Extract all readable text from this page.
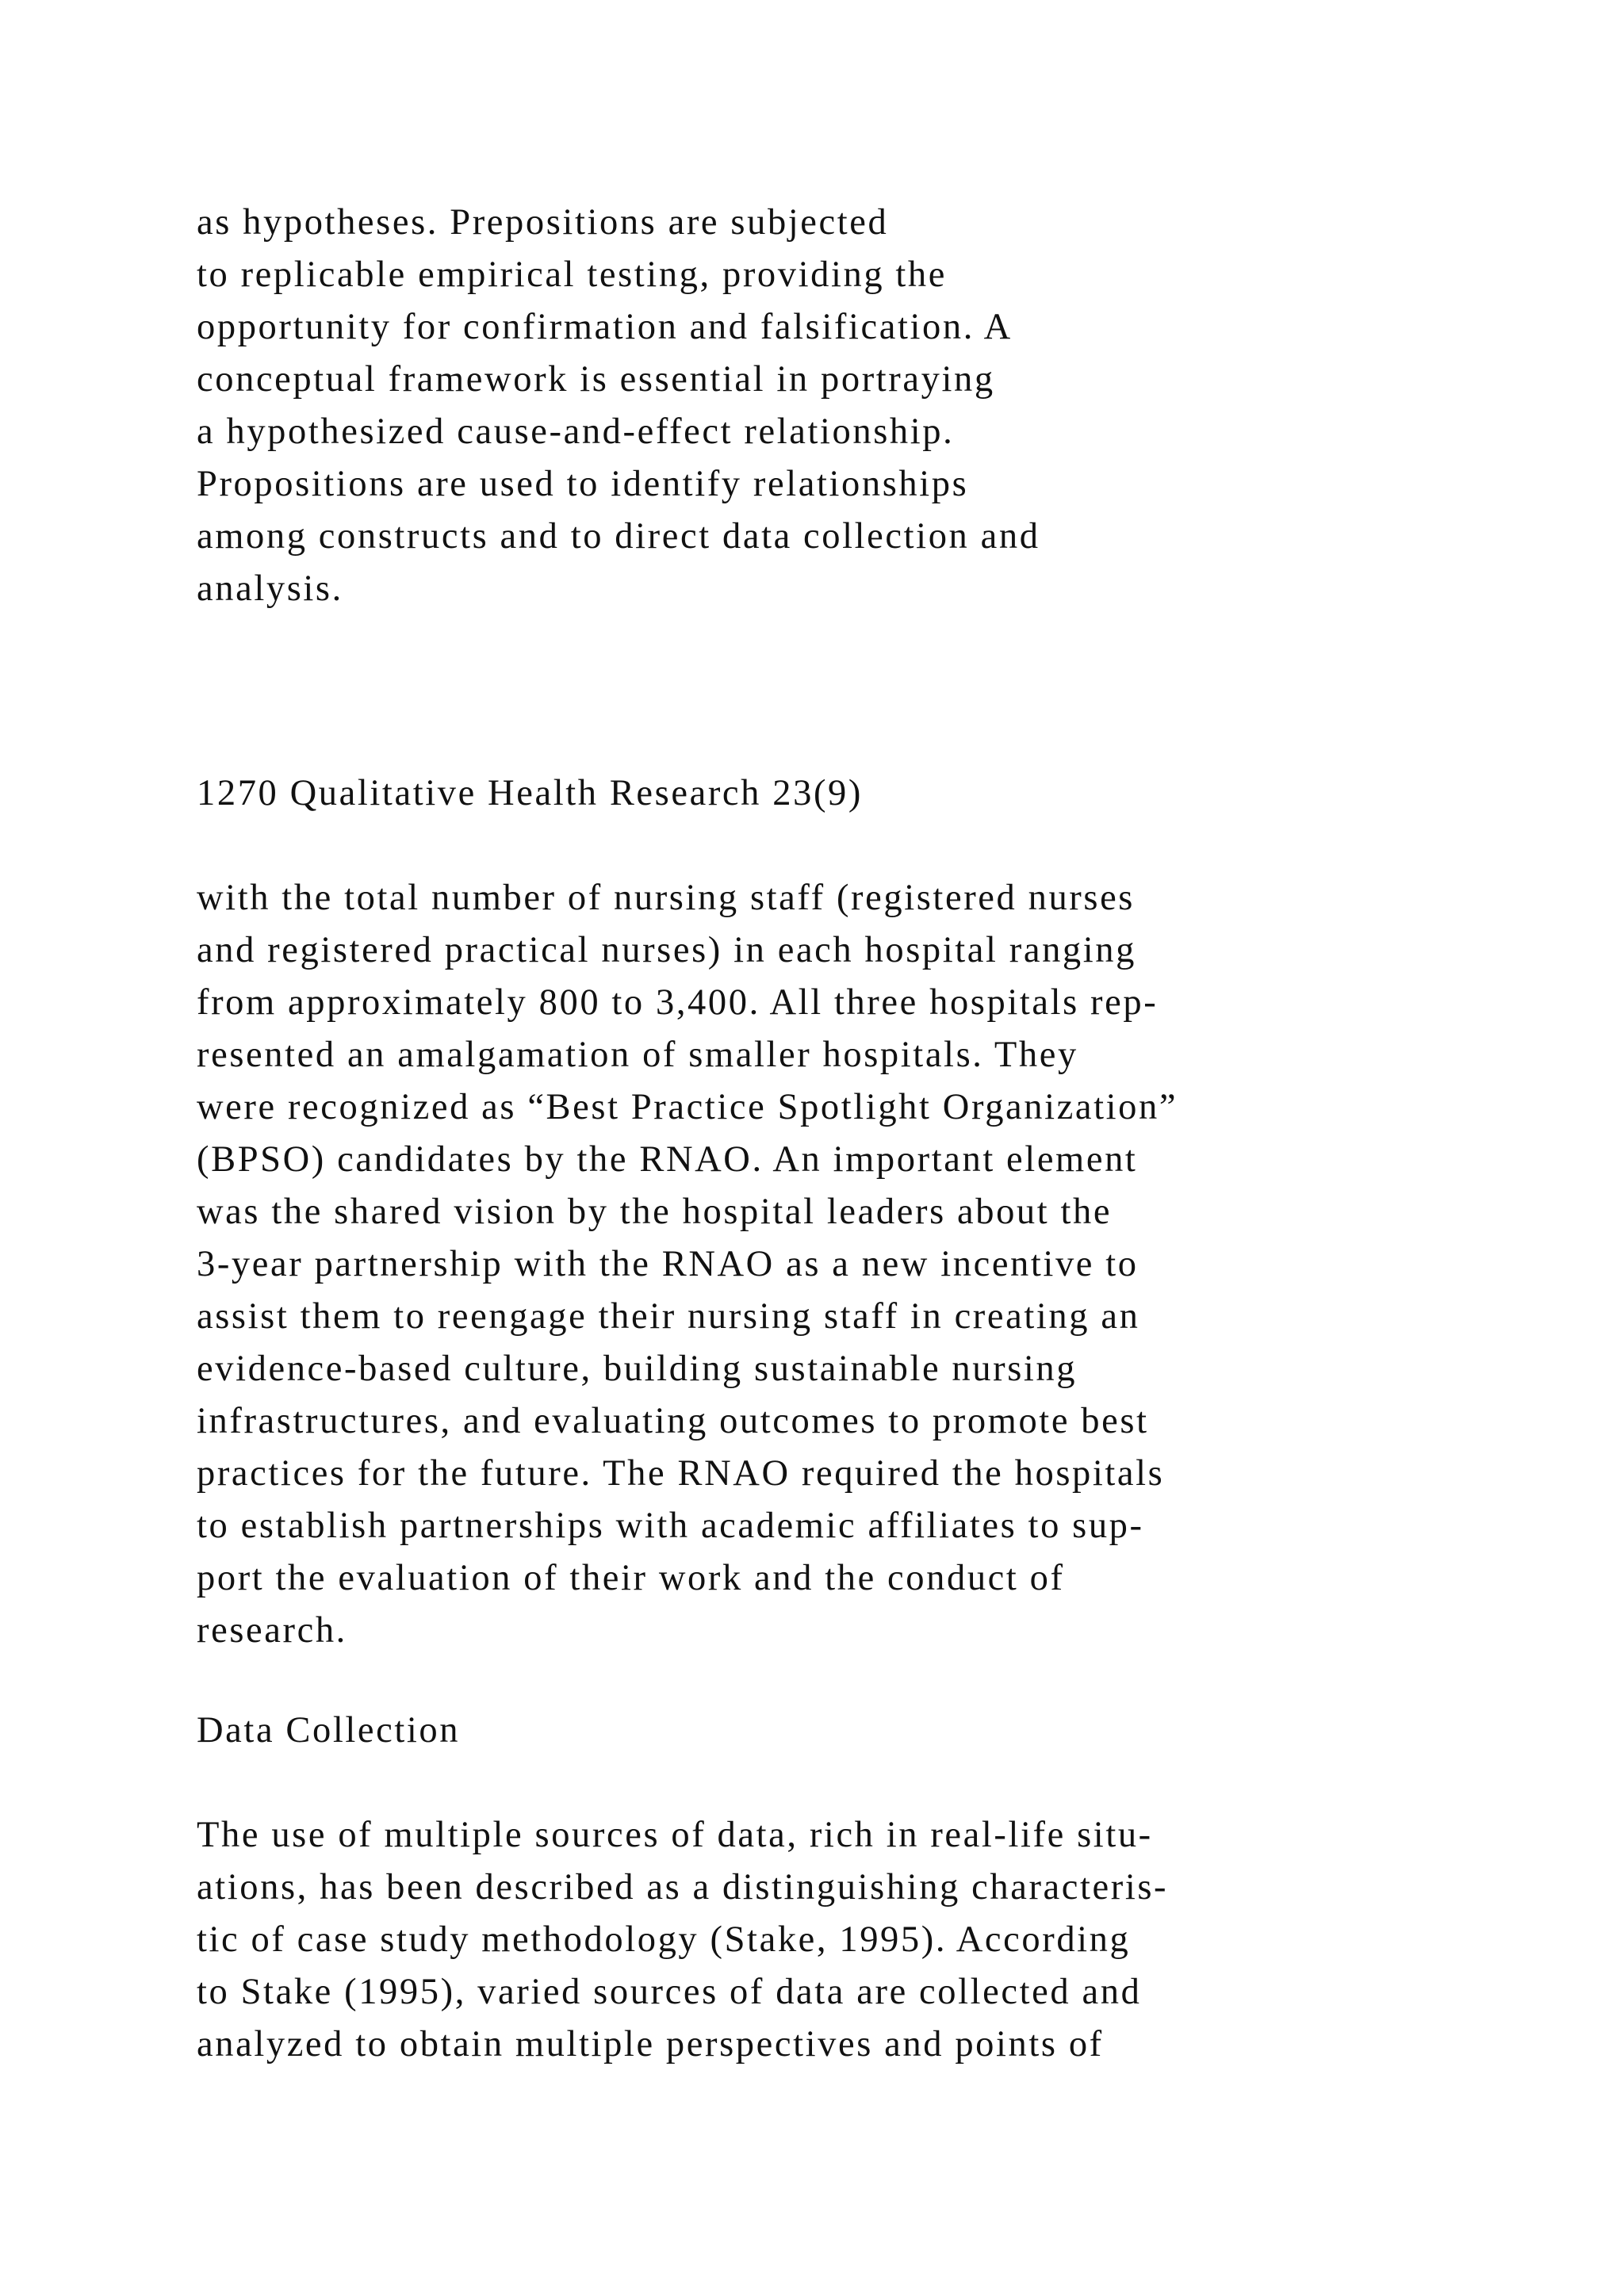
as hypotheses. Prepositions are subjected
to replicable empirical testing, providing the
opportunity for confirmation and falsification. A
conceptual framework is essential in portraying
a hypothesized cause-and-effect relationship.
Propositions are used to identify relationships
among constructs and to direct data collection and
analysis.
1270 Qualitative Health Research 23(9)
with the total number of nursing staff (registered nurses
and registered practical nurses) in each hospital ranging
from approximately 800 to 3,400. All three hospitals rep-
resented an amalgamation of smaller hospitals. They
were recognized as “Best Practice Spotlight Organization”
(BPSO) candidates by the RNAO. An important element
was the shared vision by the hospital leaders about the
3-year partnership with the RNAO as a new incentive to
assist them to reengage their nursing staff in creating an
evidence-based culture, building sustainable nursing
infrastructures, and evaluating outcomes to promote best
practices for the future. The RNAO required the hospitals
to establish partnerships with academic affiliates to sup-
port the evaluation of their work and the conduct of
research.
Data Collection
The use of multiple sources of data, rich in real-life situ-
ations, has been described as a distinguishing characteris-
tic of case study methodology (Stake, 1995). According
to Stake (1995), varied sources of data are collected and
analyzed to obtain multiple perspectives and points of
